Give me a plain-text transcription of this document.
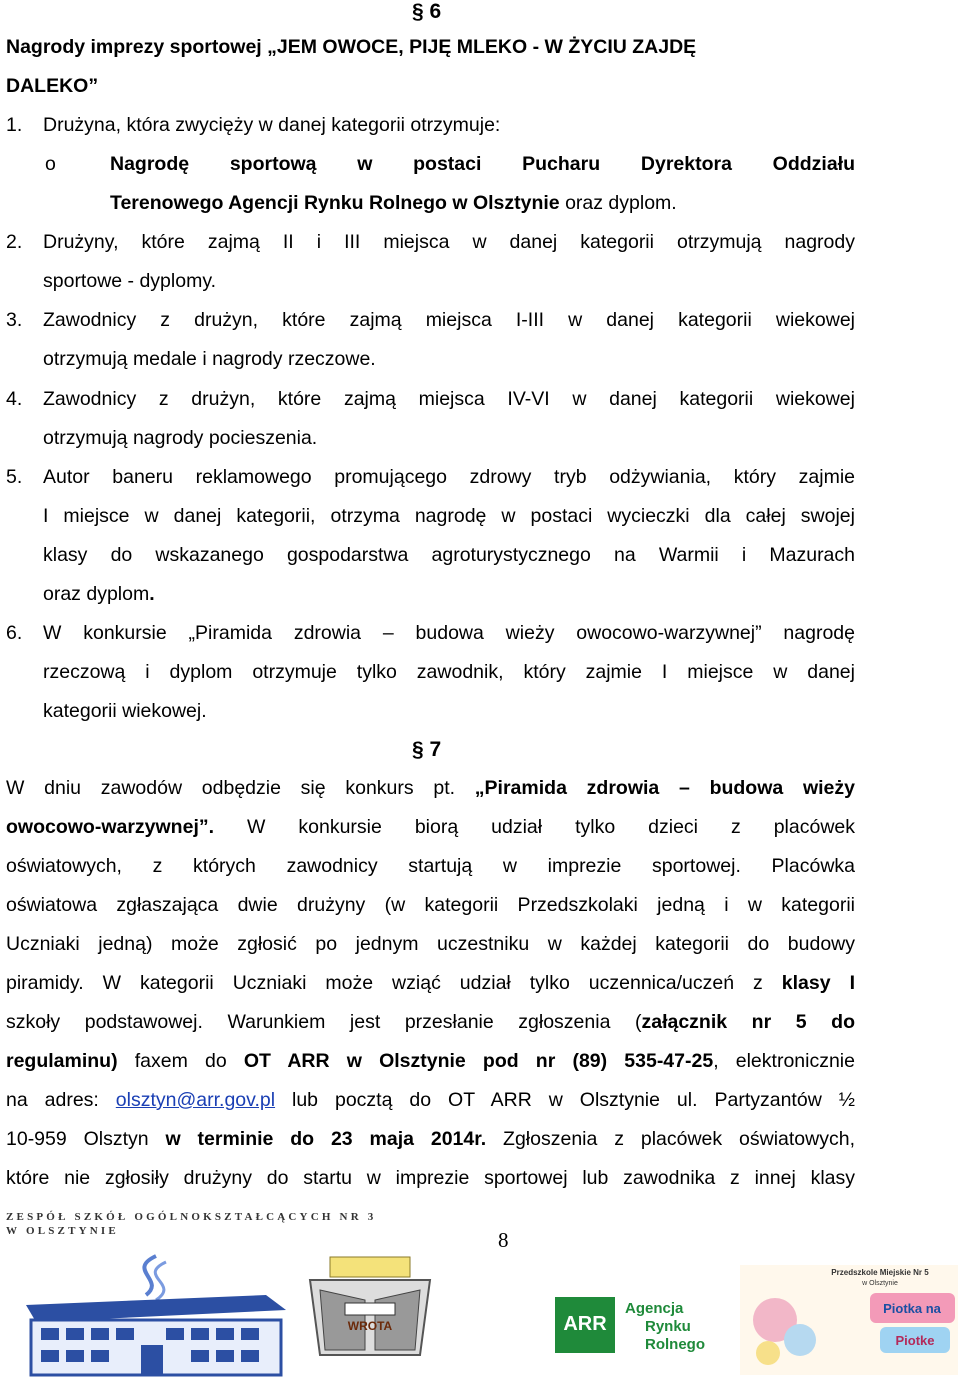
§ 6
Nagrody imprezy sportowej „JEM OWOCE, PIJĘ MLEKO - W ŻYCIU ZAJDĘ
DALEKO”
1. Drużyna, która zwycięży w danej kategorii otrzymuje:
o	Nagrodę sportową w postaci Pucharu Dyrektora Oddziału
Terenowego Agencji Rynku Rolnego w Olsztynie oraz dyplom.
2. Drużyny, które zajmą II i III miejsca w danej kategorii otrzymują nagrody
sportowe - dyplomy.
3. Zawodnicy z drużyn, które zajmą miejsca I-III w danej kategorii wiekowej
otrzymują medale i nagrody rzeczowe.
4. Zawodnicy z drużyn, które zajmą miejsca IV-VI w danej kategorii wiekowej
otrzymują nagrody pocieszenia.
5. Autor baneru reklamowego promującego zdrowy tryb odżywiania, który zajmie
I miejsce w danej kategorii, otrzyma nagrodę w postaci wycieczki dla całej swojej
klasy do wskazanego gospodarstwa agroturystycznego na Warmii i Mazurach
oraz dyplom.
6. W konkursie „Piramida zdrowia – budowa wieży owocowo-warzywnej” nagrodę
rzeczową i dyplom otrzymuje tylko zawodnik, który zajmie I miejsce w danej
kategorii wiekowej.
§ 7
W dniu zawodów odbędzie się konkurs pt. „Piramida zdrowia – budowa wieży
owocowo-warzywnej”. W konkursie biorą udział tylko dzieci z placówek
oświatowych, z których zawodnicy startują w imprezie sportowej. Placówka
oświatowa zgłaszająca dwie drużyny (w kategorii Przedszkolaki jedną i w kategorii
Uczniaki jedną) może zgłosić po jednym uczestniku w każdej kategorii do budowy
piramidy. W kategorii Uczniaki może wziąć udział tylko uczennica/uczeń z klasy I
szkoły podstawowej. Warunkiem jest przesłanie zgłoszenia (załącznik nr 5 do
regulaminu) faxem do OT ARR w Olsztynie pod nr (89) 535-47-25, elektronicznie
na adres: olsztyn@arr.gov.pl lub pocztą do OT ARR w Olsztynie ul. Partyzantów ½
10-959 Olsztyn w terminie do 23 maja 2014r. Zgłoszenia z placówek oświatowych,
które nie zgłosiły drużyny do startu w imprezie sportowej lub zawodnika z innej klasy
ZESPÓŁ SZKÓŁ OGÓLNOKSZTAŁCĄCYCH NR 3
W OLSZTYNIE	8
WROTA	ARR
Agencja
Rynku
Rolnego
Przedszkole Miejskie Nr 5
w Olsztynie
Piotka na
Piotke
